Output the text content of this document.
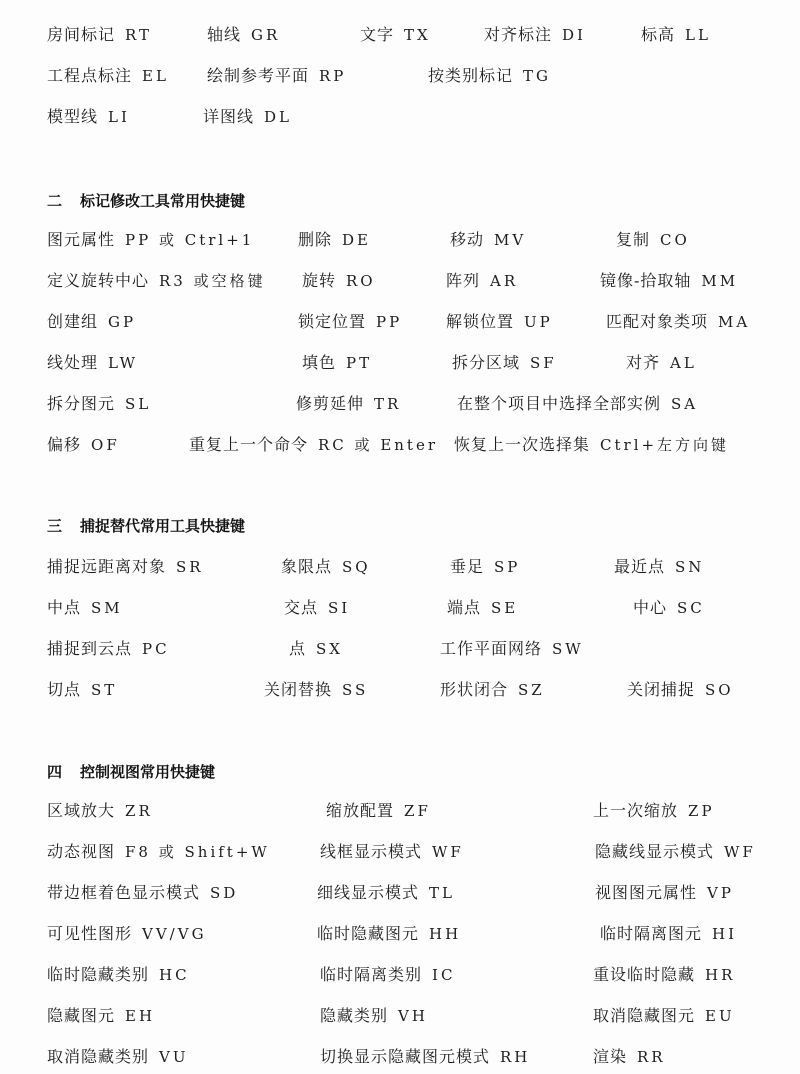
房间标记 RT	轴线 GR	文字 TX	对齐标注 DI	标高 LL
工程点标注 EL 绘制参考平面 RP	按类别标记 TG
模型线 LI	详图线 DL
二 标记修改工具常用快捷键
图元属性 PP 或 Ctrl+1	删除 DE	移动 MV	复制 CO
定义旋转中心 R3 或空格键 旋转 RO	阵列 AR	镜像-拾取轴 MM
创建组 GP	锁定位置 PP	解锁位置 UP	匹配对象类项 MA
线处理 LW	填色 PT	拆分区域 SF	对齐 AL
拆分图元 SL	修剪延伸 TR	在整个项目中选择全部实例 SA
偏移 OF	重复上一个命令 RC 或 Enter 恢复上一次选择集 Ctrl+左方向键
三 捕捉替代常用工具快捷键
捕捉远距离对象 SR	象限点 SQ	垂足 SP	最近点 SN
中点 SM	交点 SI	端点 SE	中心 SC
捕捉到云点 PC	点 SX	工作平面网络 SW
切点 ST	关闭替换 SS	形状闭合 SZ	关闭捕捉 SO
四 控制视图常用快捷键
区域放大 ZR	缩放配置 ZF	上一次缩放 ZP
动态视图 F8 或 Shift+W	线框显示模式 WF	隐藏线显示模式 WF
带边框着色显示模式 SD	细线显示模式 TL	视图图元属性 VP
可见性图形 VV/VG	临时隐藏图元 HH	临时隔离图元 HI
临时隐藏类别 HC	临时隔离类别 IC	重设临时隐藏 HR
隐藏图元 EH	隐藏类别 VH	取消隐藏图元 EU
取消隐藏类别 VU	切换显示隐藏图元模式 RH	渲染 RR
